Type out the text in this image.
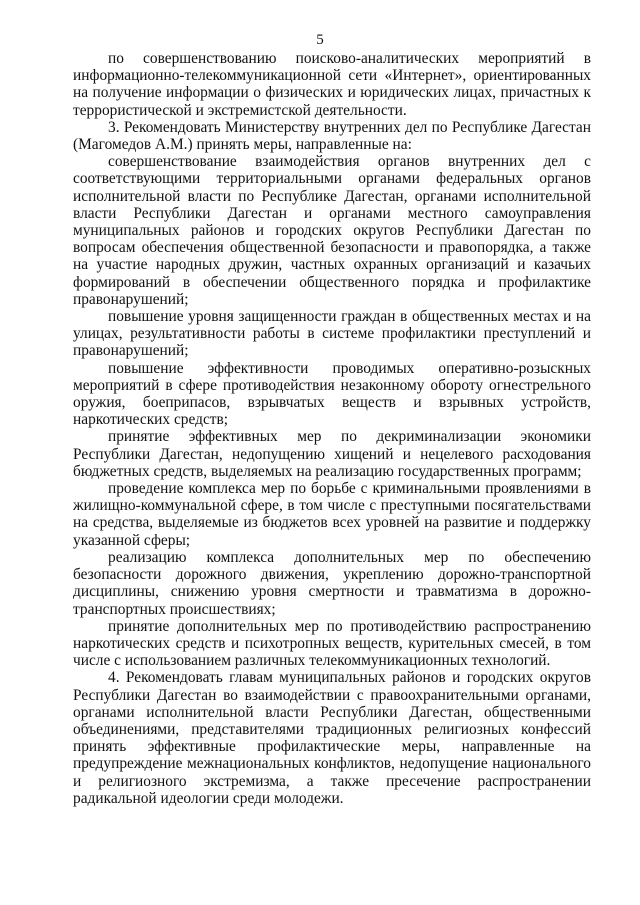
5

по совершенствованию поисково-аналитических мероприятий в информационно-телекоммуникационной сети «Интернет», ориентированных на получение информации о физических и юридических лицах, причастных к террористической и экстремистской деятельности.

3. Рекомендовать Министерству внутренних дел по Республике Дагестан (Магомедов А.М.) принять меры, направленные на:

совершенствование взаимодействия органов внутренних дел с соответствующими территориальными органами федеральных органов исполнительной власти по Республике Дагестан, органами исполнительной власти Республики Дагестан и органами местного самоуправления муниципальных районов и городских округов Республики Дагестан по вопросам обеспечения общественной безопасности и правопорядка, а также на участие народных дружин, частных охранных организаций и казачьих формирований в обеспечении общественного порядка и профилактике правонарушений;

повышение уровня защищенности граждан в общественных местах и на улицах, результативности работы в системе профилактики преступлений и правонарушений;

повышение эффективности проводимых оперативно-розыскных мероприятий в сфере противодействия незаконному обороту огнестрельного оружия, боеприпасов, взрывчатых веществ и взрывных устройств, наркотических средств;

принятие эффективных мер по декриминализации экономики Республики Дагестан, недопущению хищений и нецелевого расходования бюджетных средств, выделяемых на реализацию государственных программ;

проведение комплекса мер по борьбе с криминальными проявлениями в жилищно-коммунальной сфере, в том числе с преступными посягательствами на средства, выделяемые из бюджетов всех уровней на развитие и поддержку указанной сферы;

реализацию комплекса дополнительных мер по обеспечению безопасности дорожного движения, укреплению дорожно-транспортной дисциплины, снижению уровня смертности и травматизма в дорожно-транспортных происшествиях;

принятие дополнительных мер по противодействию распространению наркотических средств и психотропных веществ, курительных смесей, в том числе с использованием различных телекоммуникационных технологий.

4. Рекомендовать главам муниципальных районов и городских округов Республики Дагестан во взаимодействии с правоохранительными органами, органами исполнительной власти Республики Дагестан, общественными объединениями, представителями традиционных религиозных конфессий принять эффективные профилактические меры, направленные на предупреждение межнациональных конфликтов, недопущение национального и религиозного экстремизма, а также пресечение распространении радикальной идеологии среди молодежи.
